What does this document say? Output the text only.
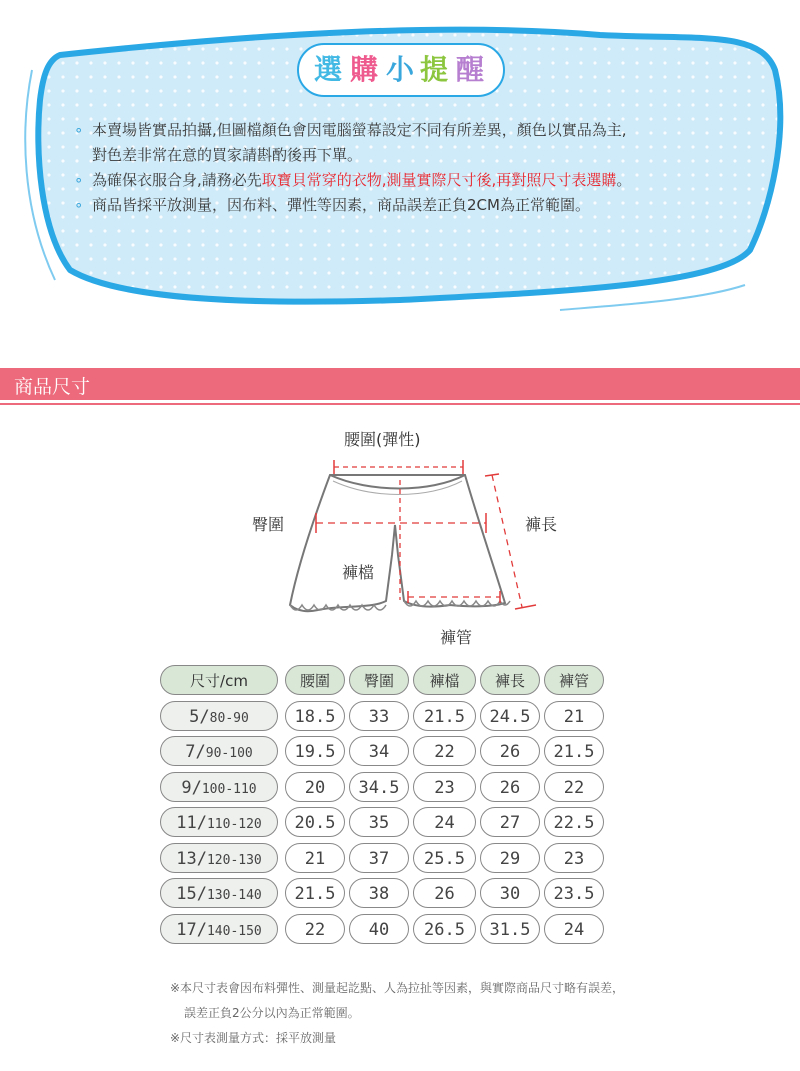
選 購 小 提 醒
∘ 本賣場皆實品拍攝,但圖檔顏色會因電腦螢幕設定不同有所差異，顏色以實品為主,
對色差非常在意的買家請斟酌後再下單。
∘ 為確保衣服合身,請務必先取寶貝常穿的衣物,測量實際尺寸後,再對照尺寸表選購。
∘ 商品皆採平放測量，因布料、彈性等因素，商品誤差正負2CM為正常範圍。
商品尺寸
腰圍(彈性)
臀圍	褲長
褲檔
褲管
尺寸/cm	腰圍	臀圍	褲檔	褲長	褲管
5/80-90	18.5	33	21.5	24.5	21
7/90-100	19.5	34	22	26	21.5
9/100-110	20	34.5	23	26	22
11/110-120	20.5	35	24	27	22.5
13/120-130	21	37	25.5	29	23
15/130-140	21.5	38	26	30	23.5
17/140-150	22	40	26.5	31.5	24
※本尺寸表會因布料彈性、測量起訖點、人為拉扯等因素，與實際商品尺寸略有誤差，
誤差正負2公分以內為正常範圍。
※尺寸表測量方式：採平放測量
